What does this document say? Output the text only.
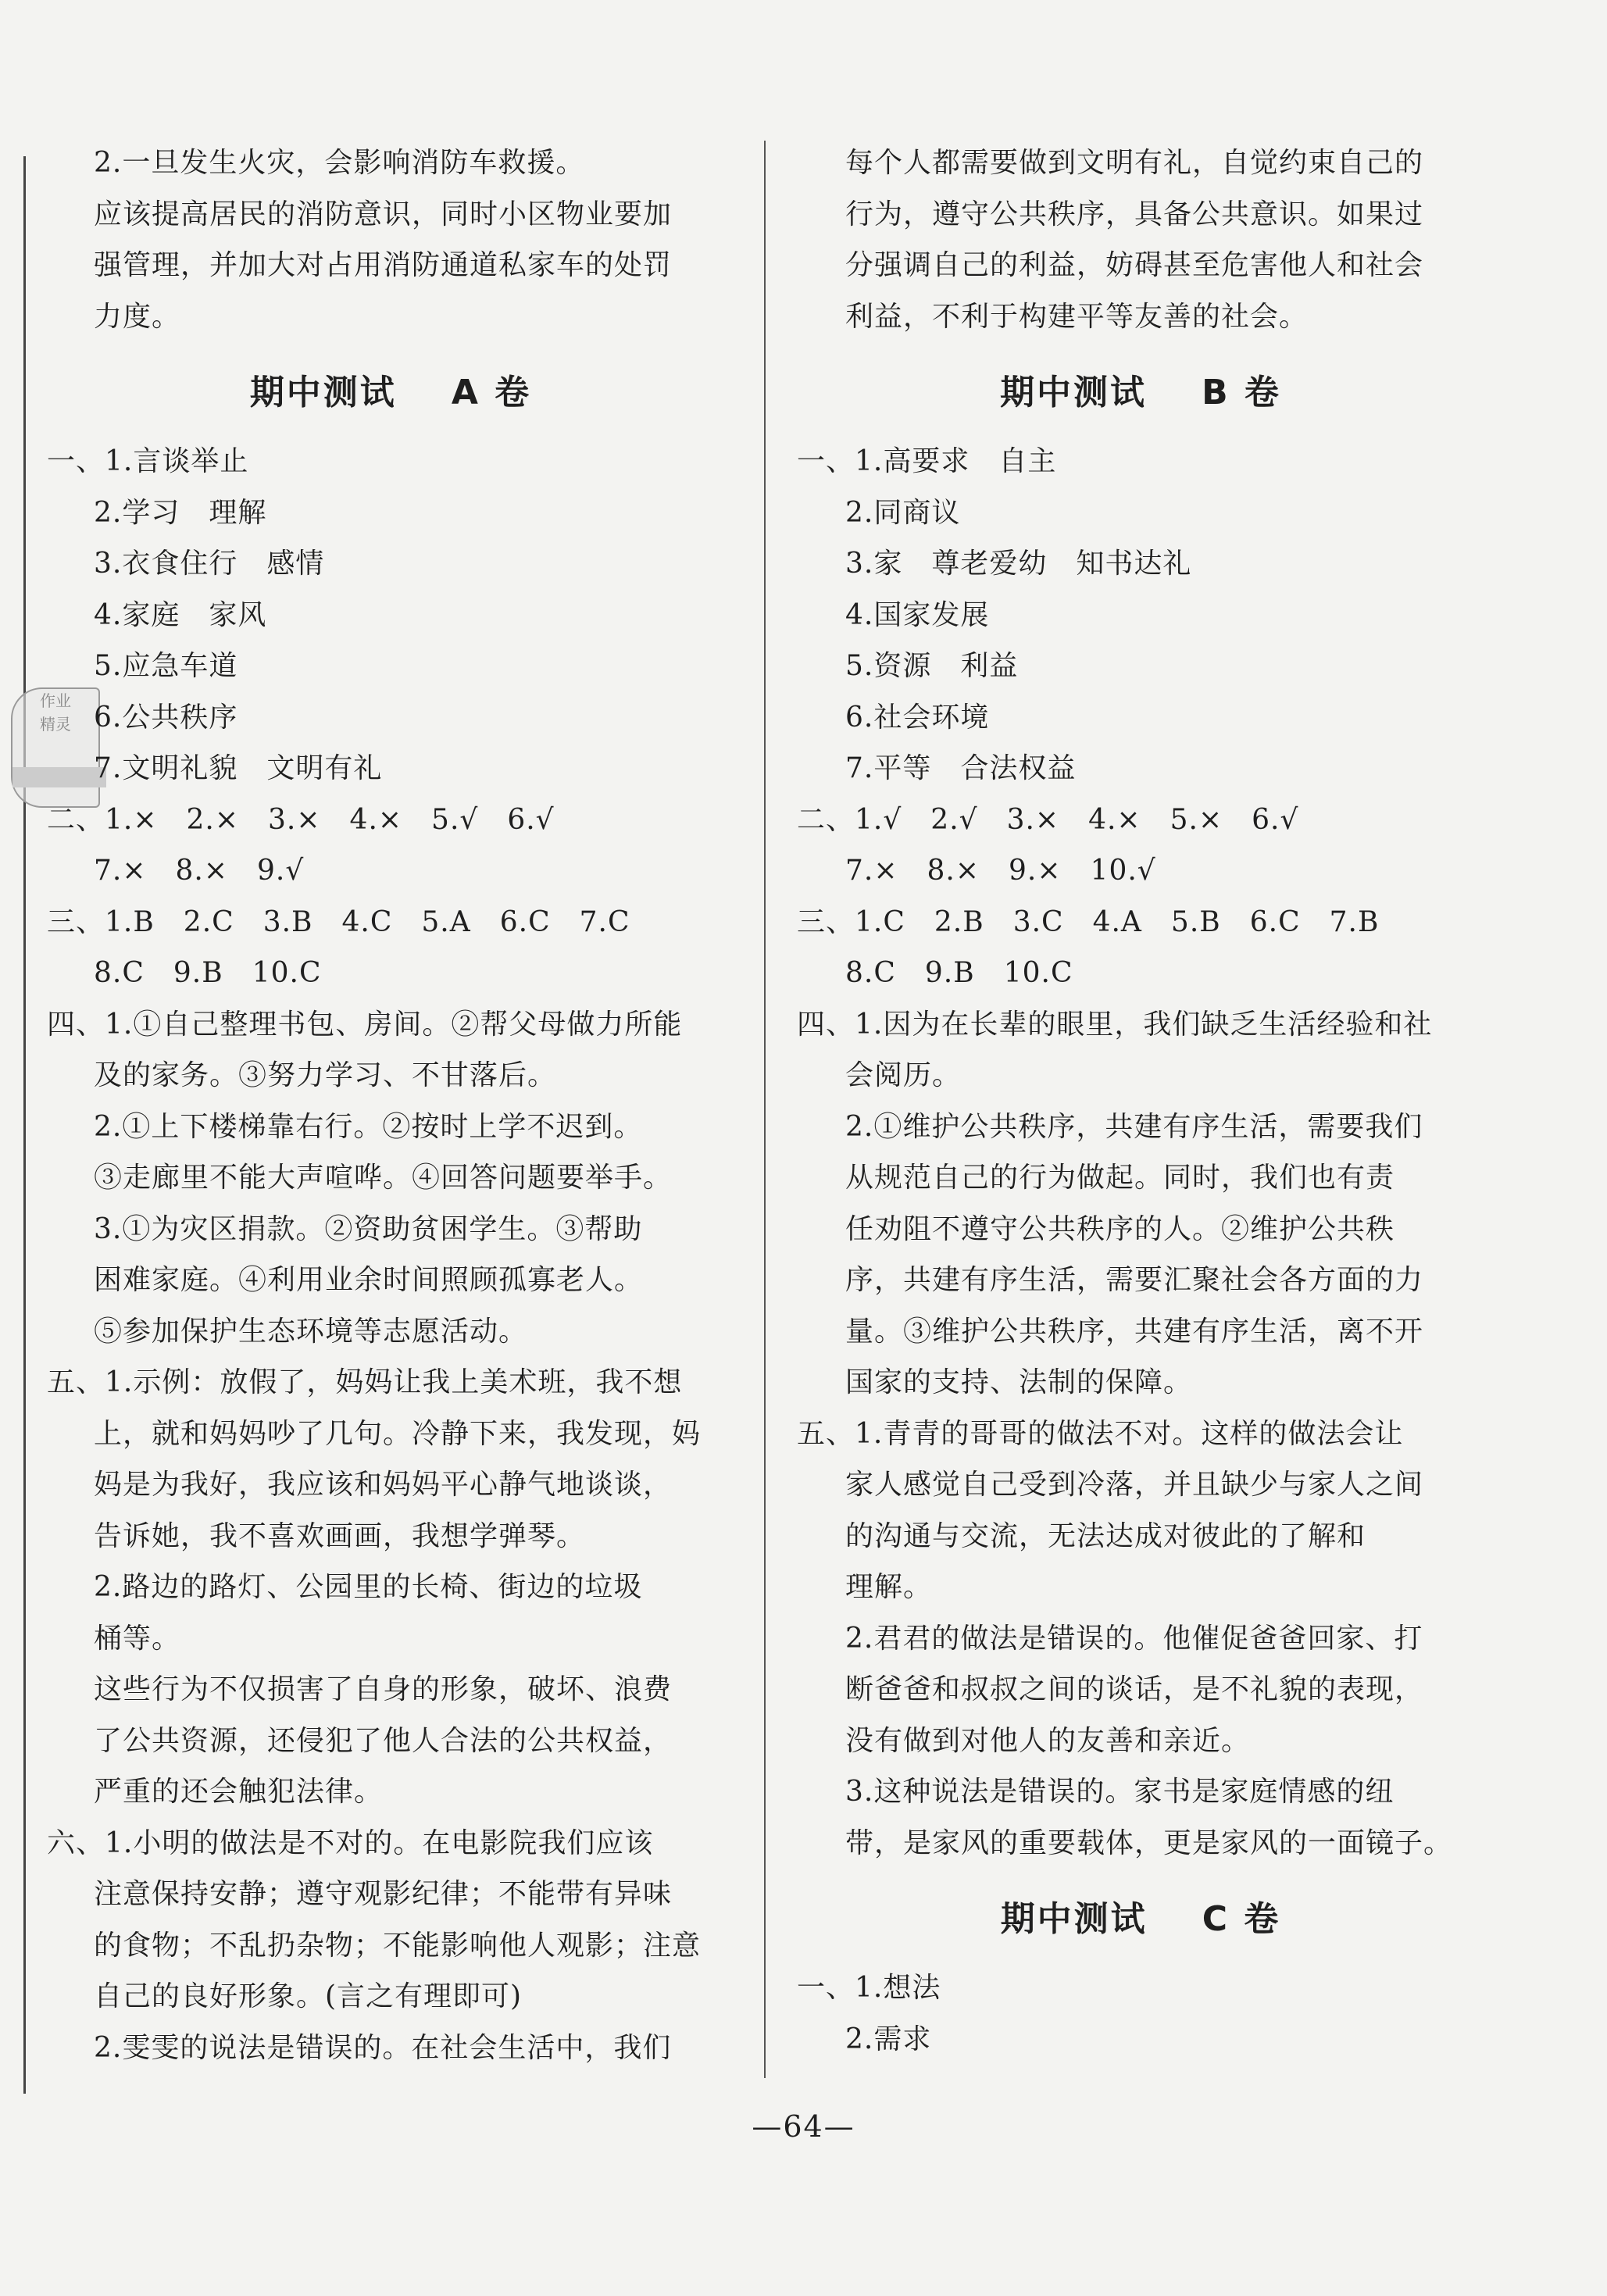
作业
精灵
2.一旦发生火灾，会影响消防车救援。
应该提高居民的消防意识，同时小区物业要加
强管理，并加大对占用消防通道私家车的处罚
力度。
期中测试 A 卷
一、1.言谈举止
2.学习　理解
3.衣食住行　感情
4.家庭　家风
5.应急车道
6.公共秩序
7.文明礼貌　文明有礼
二、1.×　2.×　3.×　4.×　5.√　6.√
7.×　8.×　9.√
三、1.B　2.C　3.B　4.C　5.A　6.C　7.C
8.C　9.B　10.C
四、1.①自己整理书包、房间。②帮父母做力所能
及的家务。③努力学习、不甘落后。
2.①上下楼梯靠右行。②按时上学不迟到。
③走廊里不能大声喧哗。④回答问题要举手。
3.①为灾区捐款。②资助贫困学生。③帮助
困难家庭。④利用业余时间照顾孤寡老人。
⑤参加保护生态环境等志愿活动。
五、1.示例：放假了，妈妈让我上美术班，我不想
上，就和妈妈吵了几句。冷静下来，我发现，妈
妈是为我好，我应该和妈妈平心静气地谈谈，
告诉她，我不喜欢画画，我想学弹琴。
2.路边的路灯、公园里的长椅、街边的垃圾
桶等。
这些行为不仅损害了自身的形象，破坏、浪费
了公共资源，还侵犯了他人合法的公共权益，
严重的还会触犯法律。
六、1.小明的做法是不对的。在电影院我们应该
注意保持安静；遵守观影纪律；不能带有异味
的食物；不乱扔杂物；不能影响他人观影；注意
自己的良好形象。(言之有理即可)
2.雯雯的说法是错误的。在社会生活中，我们
每个人都需要做到文明有礼，自觉约束自己的
行为，遵守公共秩序，具备公共意识。如果过
分强调自己的利益，妨碍甚至危害他人和社会
利益，不利于构建平等友善的社会。
期中测试 B 卷
一、1.高要求　自主
2.同商议
3.家　尊老爱幼　知书达礼
4.国家发展
5.资源　利益
6.社会环境
7.平等　合法权益
二、1.√　2.√　3.×　4.×　5.×　6.√
7.×　8.×　9.×　10.√
三、1.C　2.B　3.C　4.A　5.B　6.C　7.B
8.C　9.B　10.C
四、1.因为在长辈的眼里，我们缺乏生活经验和社
会阅历。
2.①维护公共秩序，共建有序生活，需要我们
从规范自己的行为做起。同时，我们也有责
任劝阻不遵守公共秩序的人。②维护公共秩
序，共建有序生活，需要汇聚社会各方面的力
量。③维护公共秩序，共建有序生活，离不开
国家的支持、法制的保障。
五、1.青青的哥哥的做法不对。这样的做法会让
家人感觉自己受到冷落，并且缺少与家人之间
的沟通与交流，无法达成对彼此的了解和
理解。
2.君君的做法是错误的。他催促爸爸回家、打
断爸爸和叔叔之间的谈话，是不礼貌的表现，
没有做到对他人的友善和亲近。
3.这种说法是错误的。家书是家庭情感的纽
带，是家风的重要载体，更是家风的一面镜子。
期中测试 C 卷
一、1.想法
2.需求
—64—
